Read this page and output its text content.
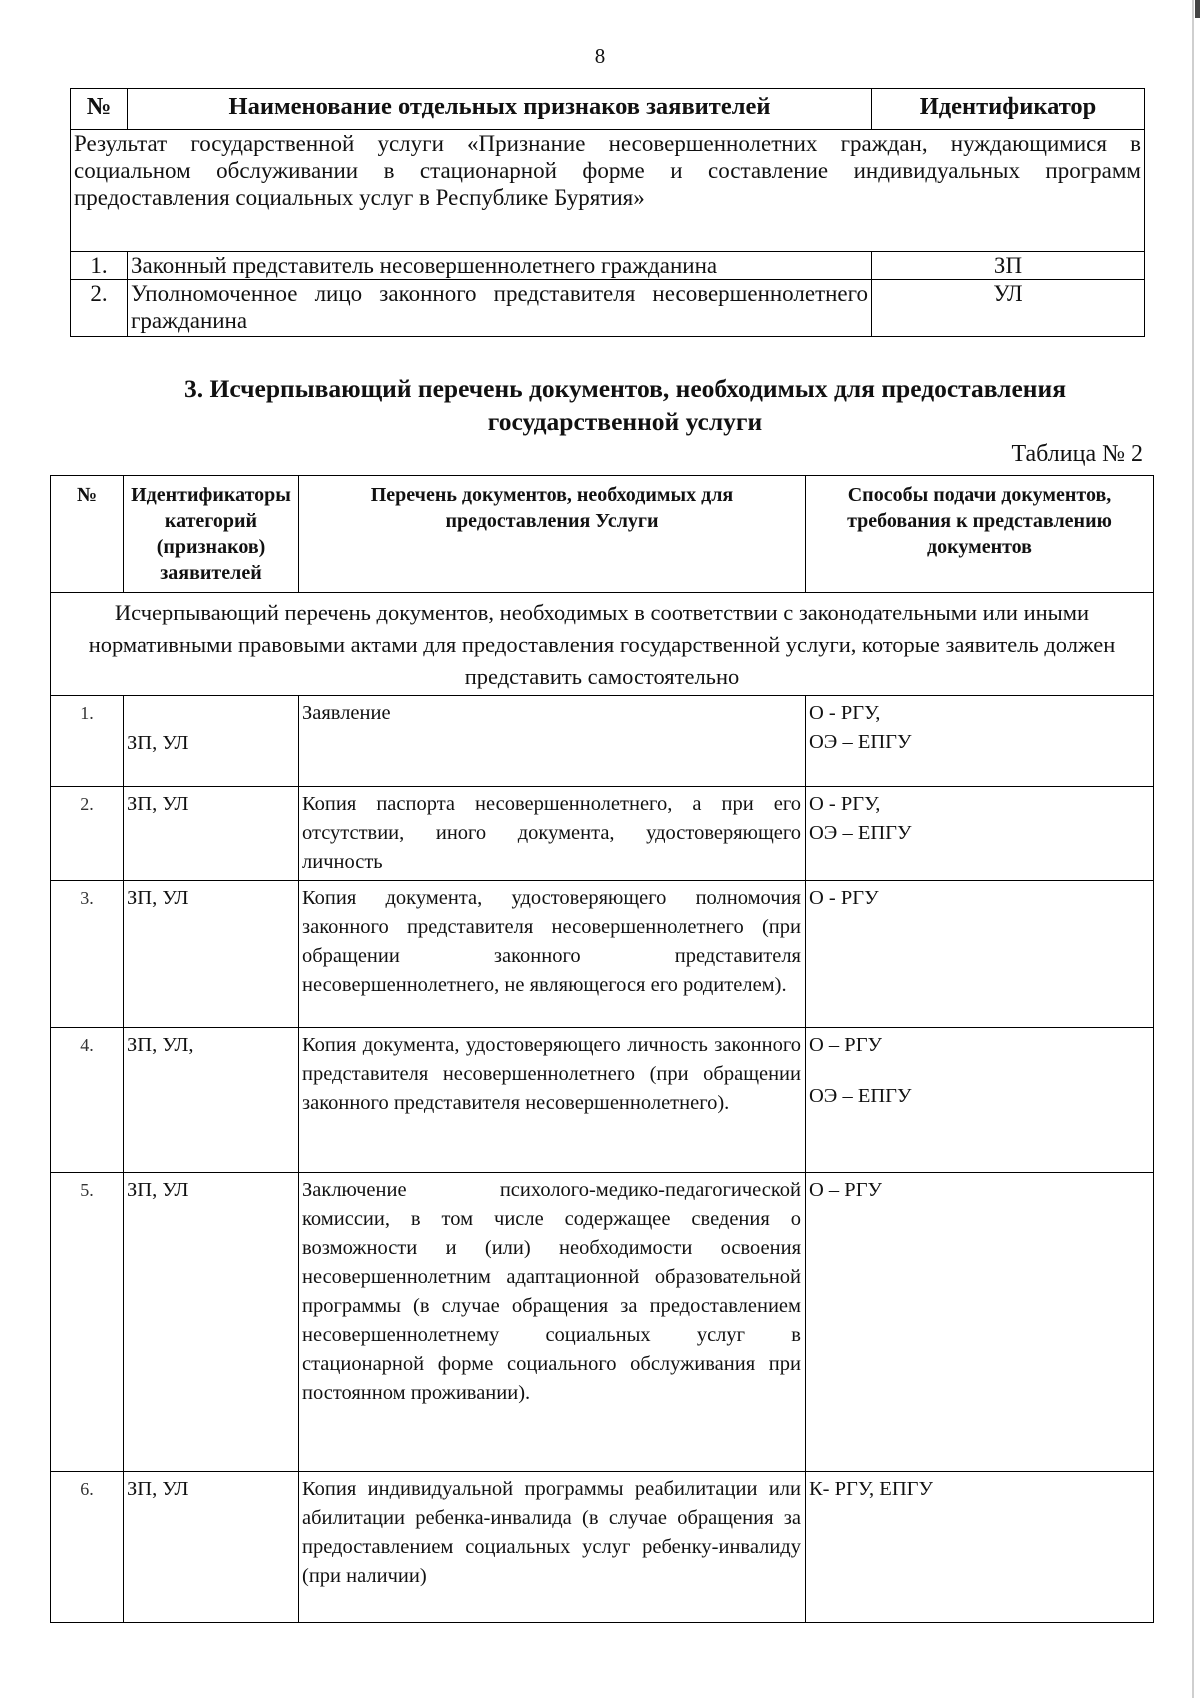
8
№	Наименование отдельных признаков заявителей	Идентификатор
Результат государственной услуги «Признание несовершеннолетних граждан, нуждающимися в социальном обслуживании в стационарной форме и составление индивидуальных программ предоставления социальных услуг в Республике Бурятия»		
1.	Законный представитель несовершеннолетнего гражданина	ЗП
2.	Уполномоченное лицо законного представителя несовершеннолетнего гражданина	УЛ
3. Исчерпывающий перечень документов, необходимых для предоставления государственной услуги
Таблица № 2
№	Идентификаторы категорий (признаков) заявителей	Перечень документов, необходимых для предоставления Услуги	Способы подачи документов, требования к представлению документов
Исчерпывающий перечень документов, необходимых в соответствии с законодательными или иными нормативными правовыми актами для предоставления государственной услуги, которые заявитель должен представить самостоятельно			
1.	ЗП, УЛ	Заявление	О - РГУ,
ОЭ – ЕПГУ

2.	ЗП, УЛ	Копия паспорта несовершеннолетнего, а при его отсутствии, иного документа, удостоверяющего личность	О - РГУ,
ОЭ – ЕПГУ

3.	ЗП, УЛ	Копия документа, удостоверяющего полномочия законного представителя несовершеннолетнего (при обращении законного представителя несовершеннолетнего, не являющегося его родителем).	О - РГУ

4.	ЗП, УЛ,	Копия документа, удостоверяющего личность законного представителя несовершеннолетнего (при обращении законного представителя несовершеннолетнего).	О – РГУ
ОЭ – ЕПГУ

5.	ЗП, УЛ	Заключение психолого-медико-педагогической комиссии, в том числе содержащее сведения о возможности и (или) необходимости освоения несовершеннолетним адаптационной образовательной программы (в случае обращения за предоставлением несовершеннолетнему социальных услуг в стационарной форме социального обслуживания при постоянном проживании).	О – РГУ

6.	ЗП, УЛ	Копия индивидуальной программы реабилитации или абилитации ребенка-инвалида (в случае обращения за предоставлением социальных услуг ребенку-инвалиду (при наличии)	К- РГУ, ЕПГУ
